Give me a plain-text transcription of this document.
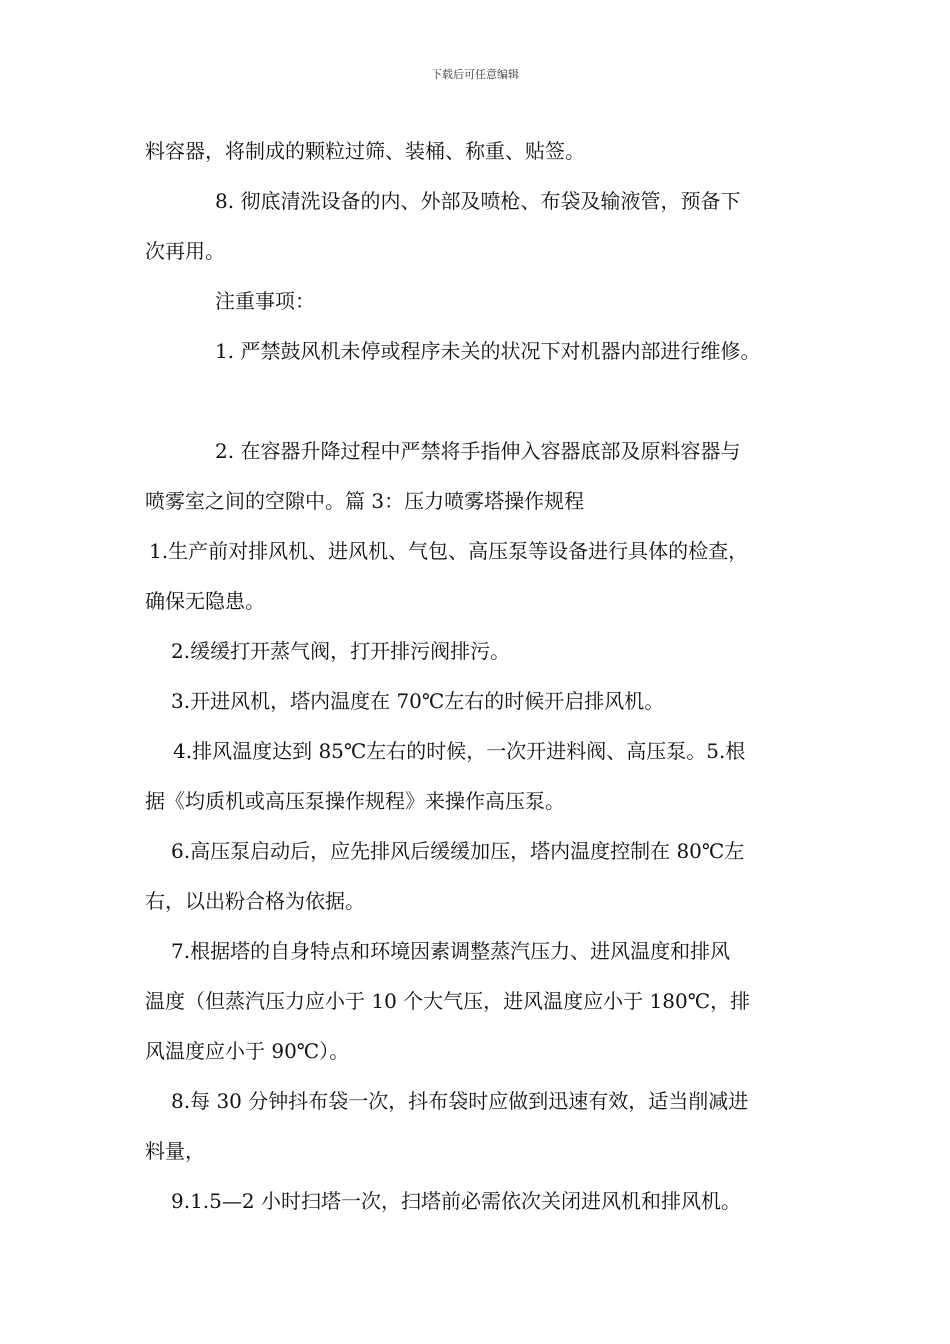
下载后可任意编辑
料容器，将制成的颗粒过筛、装桶、称重、贴签。
8. 彻底清洗设备的内、外部及喷枪、布袋及输液管，预备下
次再用。
注重事项：
1. 严禁鼓风机未停或程序未关的状况下对机器内部进行维修。
2. 在容器升降过程中严禁将手指伸入容器底部及原料容器与
喷雾室之间的空隙中。篇 3：压力喷雾塔操作规程
1.生产前对排风机、进风机、气包、高压泵等设备进行具体的检查，
确保无隐患。
2.缓缓打开蒸气阀，打开排污阀排污。
3.开进风机，塔内温度在 70℃左右的时候开启排风机。
4.排风温度达到 85℃左右的时候，一次开进料阀、高压泵。5.根
据《均质机或高压泵操作规程》来操作高压泵。
6.高压泵启动后，应先排风后缓缓加压，塔内温度控制在 80℃左
右，以出粉合格为依据。
7.根据塔的自身特点和环境因素调整蒸汽压力、进风温度和排风
温度（但蒸汽压力应小于 10 个大气压，进风温度应小于 180℃，排
风温度应小于 90℃）。
8.每 30 分钟抖布袋一次，抖布袋时应做到迅速有效，适当削减进
料量，
9.1.5—2 小时扫塔一次，扫塔前必需依次关闭进风机和排风机。
